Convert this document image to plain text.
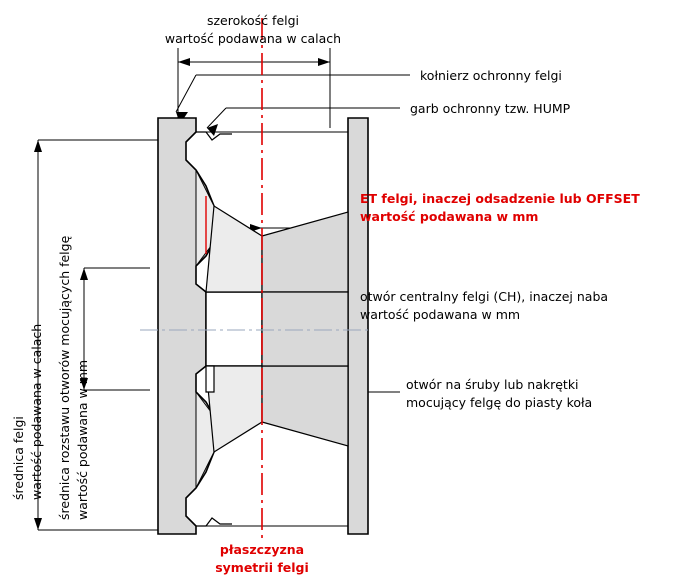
szerokość felgi
wartość podawana w calach
kołnierz ochronny felgi
garb ochronny tzw. HUMP
ET felgi, inaczej odsadzenie lub OFFSET
wartość podawana w mm
otwór centralny felgi (CH), inaczej naba
wartość podawana w mm
otwór na śruby lub nakrętki
mocujący felgę do piasty koła
płaszczyzna
symetrii felgi
średnica felgi wartość podawana w calach średnica rozstawu otworów mocujących felgę wartość podawana w mm
